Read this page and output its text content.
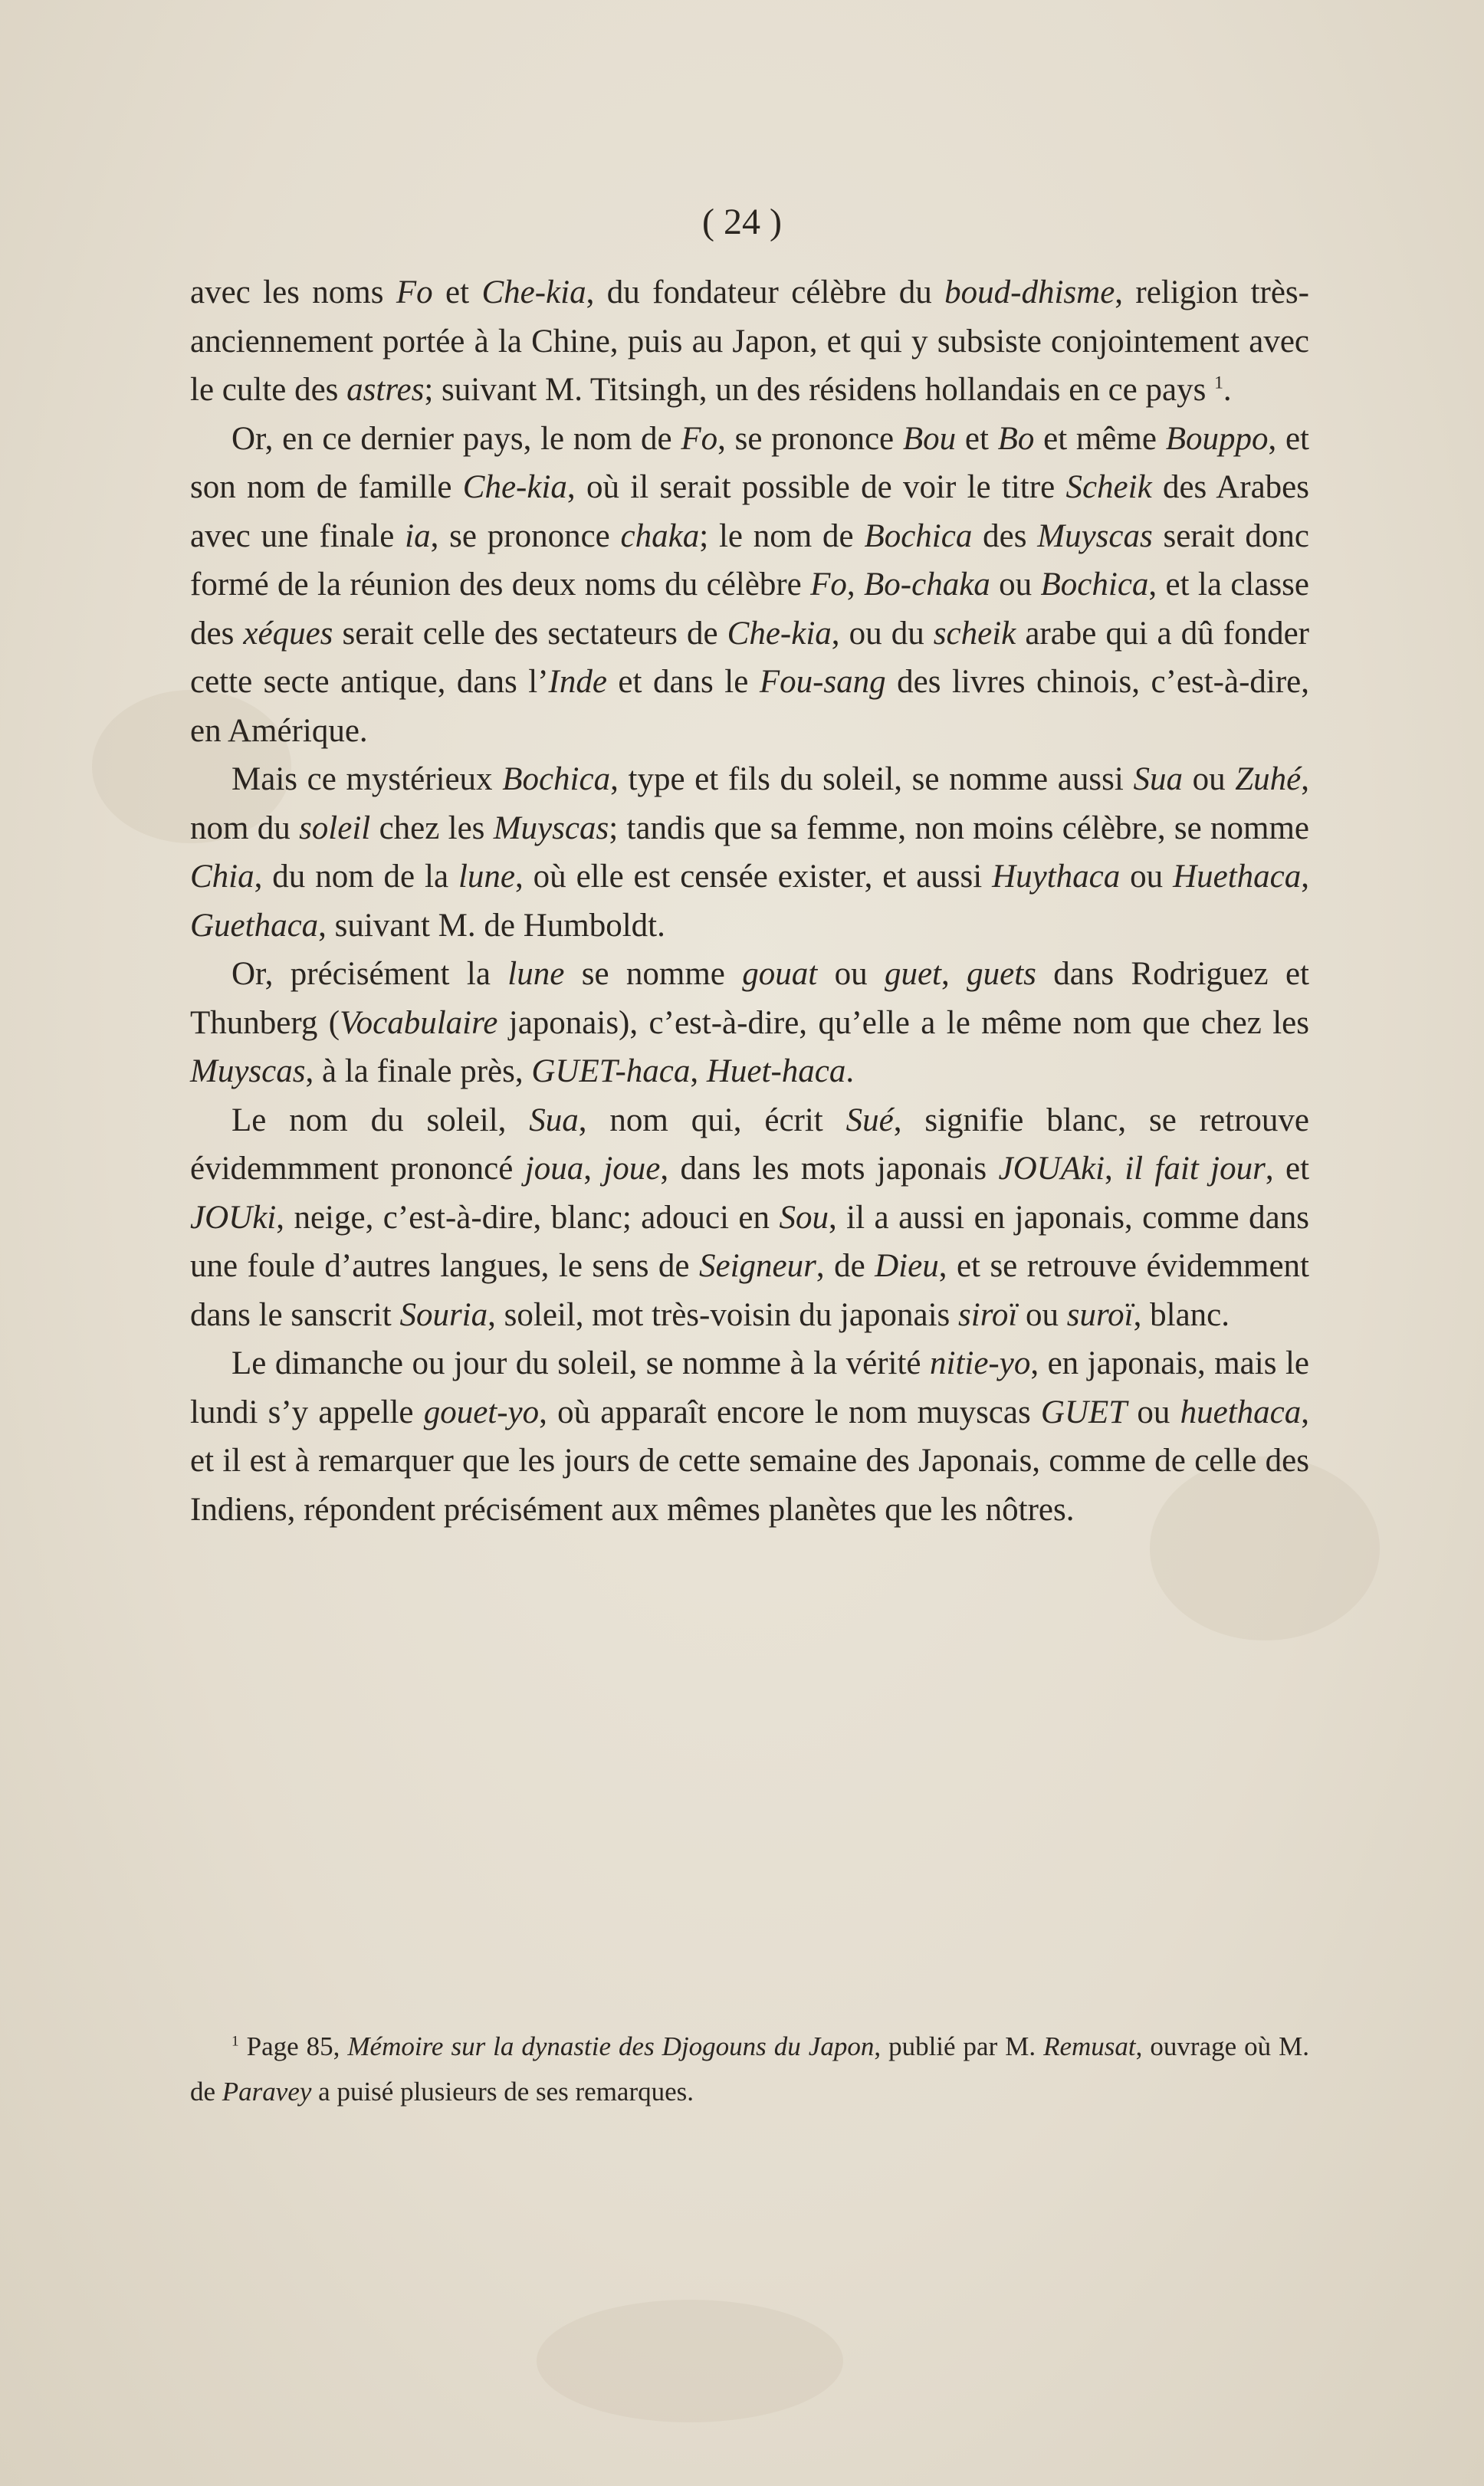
( 24 )

avec les noms Fo et Che-kia, du fondateur célèbre du boud-dhisme, religion très-anciennement portée à la Chine, puis au Japon, et qui y subsiste conjointement avec le culte des astres; suivant M. Titsingh, un des résidens hollandais en ce pays $^1$.

Or, en ce dernier pays, le nom de Fo, se prononce Bou et Bo et même Bouppo, et son nom de famille Che-kia, où il serait possible de voir le titre Scheik des Arabes avec une finale ia, se prononce chaka; le nom de Bochica des Muyscas serait donc formé de la réunion des deux noms du célèbre Fo, Bo-chaka ou Bochica, et la classe des xéques serait celle des sectateurs de Che-kia, ou du scheik arabe qui a dû fonder cette secte antique, dans l’Inde et dans le Fou-sang des livres chinois, c’est-à-dire, en Amérique.

Mais ce mystérieux Bochica, type et fils du soleil, se nomme aussi Sua ou Zuhé, nom du soleil chez les Muyscas; tandis que sa femme, non moins célèbre, se nomme Chia, du nom de la lune, où elle est censée exister, et aussi Huythaca ou Huethaca, Guethaca, suivant M. de Humboldt.

Or, précisément la lune se nomme gouat ou guet, guets dans Rodriguez et Thunberg (Vocabulaire japonais), c’est-à-dire, qu’elle a le même nom que chez les Muyscas, à la finale près, GUET-haca, Huet-haca.

Le nom du soleil, Sua, nom qui, écrit Sué, signifie blanc, se retrouve évidemmment prononcé joua, joue, dans les mots japonais JOUAki, il fait jour, et JOUki, neige, c’est-à-dire, blanc; adouci en Sou, il a aussi en japonais, comme dans une foule d’autres langues, le sens de Seigneur, de Dieu, et se retrouve évidemment dans le sanscrit Souria, soleil, mot très-voisin du japonais siroï ou suroï, blanc.

Le dimanche ou jour du soleil, se nomme à la vérité nitie-yo, en japonais, mais le lundi s’y appelle gouet-yo, où apparaît encore le nom muyscas GUET ou huethaca, et il est à remarquer que les jours de cette semaine des Japonais, comme de celle des Indiens, répondent précisément aux mêmes planètes que les nôtres.

$^1$ Page 85, Mémoire sur la dynastie des Djogouns du Japon, publié par M. Remusat, ouvrage où M. de Paravey a puisé plusieurs de ses remarques.
